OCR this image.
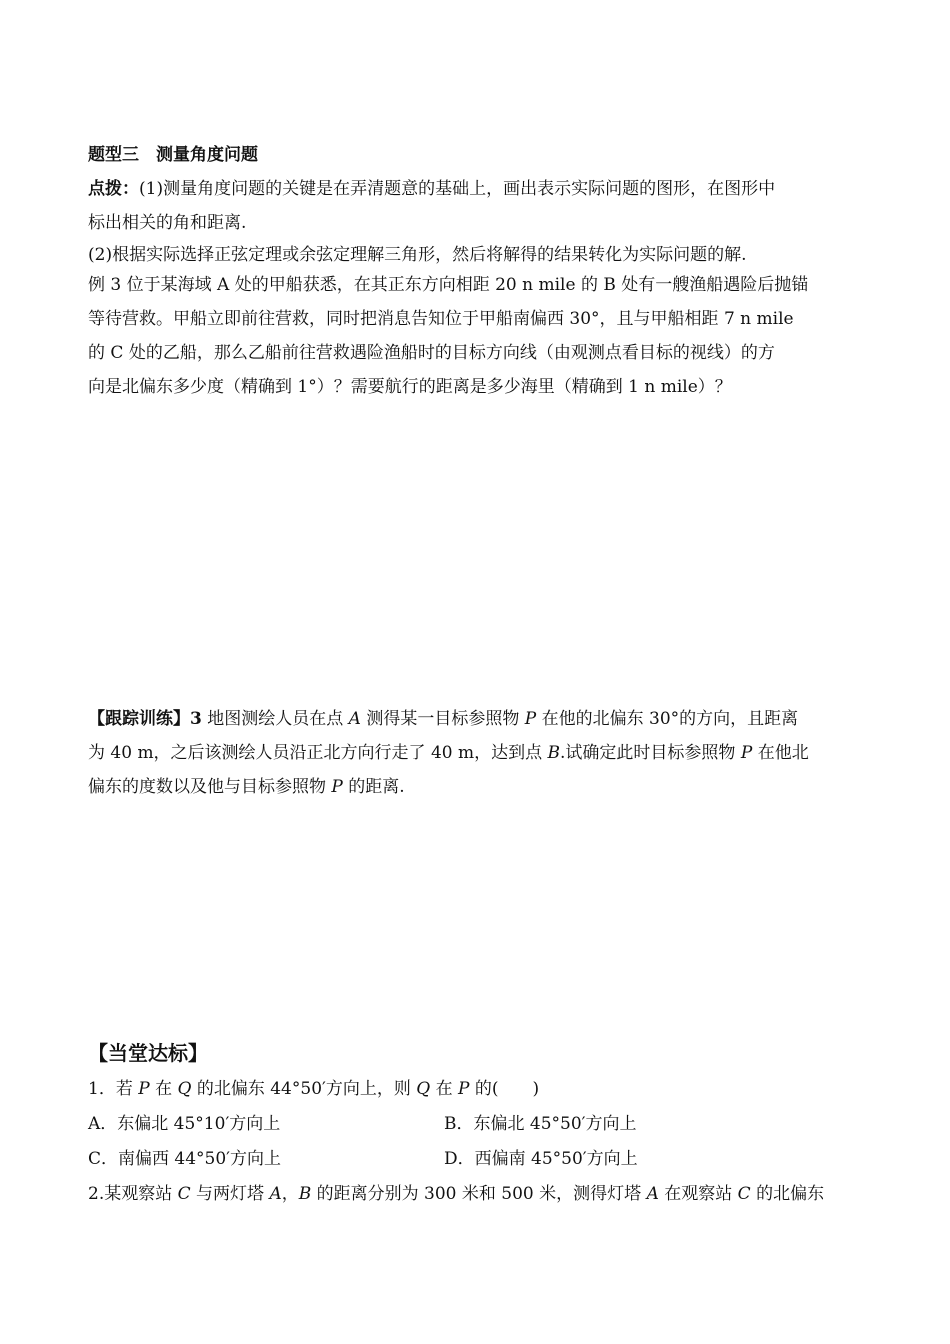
题型三　测量角度问题
点拨：(1)测量角度问题的关键是在弄清题意的基础上，画出表示实际问题的图形，在图形中
标出相关的角和距离.
(2)根据实际选择正弦定理或余弦定理解三角形，然后将解得的结果转化为实际问题的解.
例 3 位于某海域 A 处的甲船获悉，在其正东方向相距 20 n mile 的 B 处有一艘渔船遇险后抛锚
等待营救。甲船立即前往营救，同时把消息告知位于甲船南偏西 30°，且与甲船相距 7 n mile
的 C 处的乙船，那么乙船前往营救遇险渔船时的目标方向线（由观测点看目标的视线）的方
向是北偏东多少度（精确到 1°）？需要航行的距离是多少海里（精确到 1 n mile）？
【跟踪训练】3 地图测绘人员在点 A 测得某一目标参照物 P 在他的北偏东 30°的方向，且距离
为 40 m，之后该测绘人员沿正北方向行走了 40 m，达到点 B.试确定此时目标参照物 P 在他北
偏东的度数以及他与目标参照物 P 的距离.
【当堂达标】
1．若 P 在 Q 的北偏东 44°50′方向上，则 Q 在 P 的(　　)
A．东偏北 45°10′方向上	B．东偏北 45°50′方向上
C．南偏西 44°50′方向上	D．西偏南 45°50′方向上
2.某观察站 C 与两灯塔 A，B 的距离分别为 300 米和 500 米，测得灯塔 A 在观察站 C 的北偏东
